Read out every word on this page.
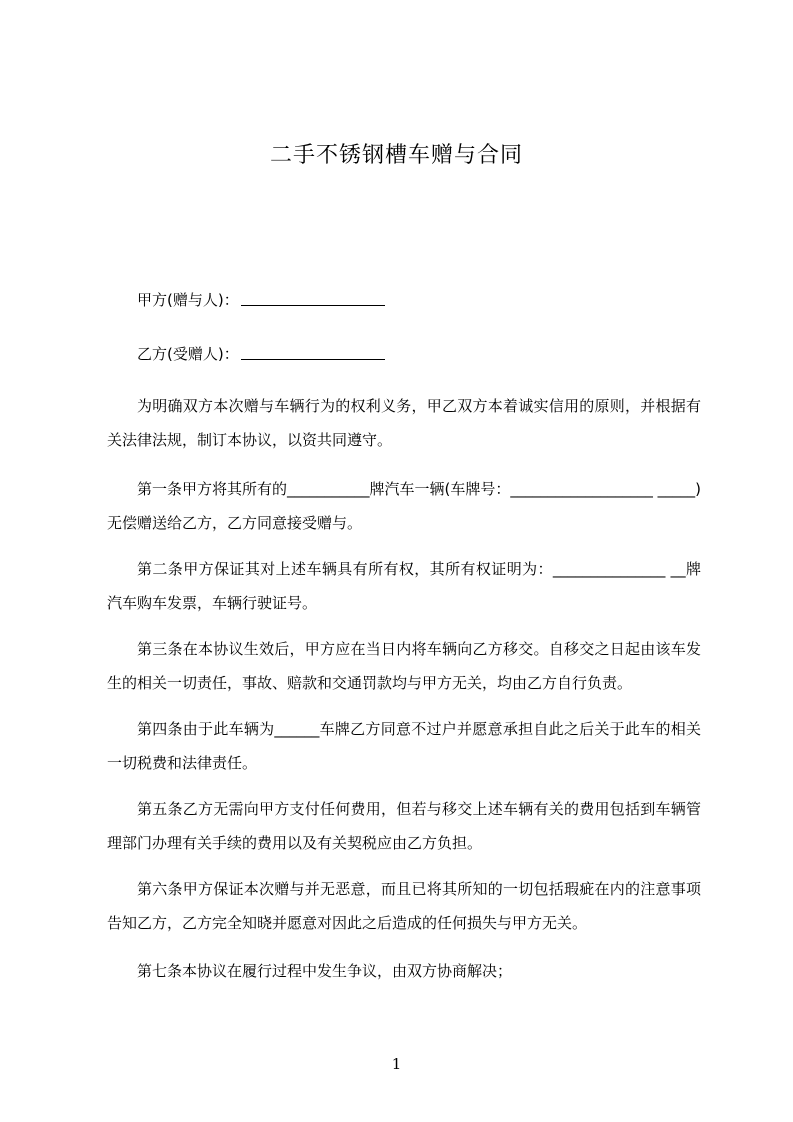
二手不锈钢槽车赠与合同
甲方(赠与人)：
乙方(受赠人)：
为明确双方本次赠与车辆行为的权利义务，甲乙双方本着诚实信用的原则，并根据有关法律法规，制订本协议，以资共同遵守。
第一条甲方将其所有的___________牌汽车一辆(车牌号：___________________ _____)无偿赠送给乙方，乙方同意接受赠与。
第二条甲方保证其对上述车辆具有所有权，其所有权证明为：_______________ __牌汽车购车发票，车辆行驶证号。
第三条在本协议生效后，甲方应在当日内将车辆向乙方移交。自移交之日起由该车发生的相关一切责任，事故、赔款和交通罚款均与甲方无关，均由乙方自行负责。
第四条由于此车辆为______车牌乙方同意不过户并愿意承担自此之后关于此车的相关一切税费和法律责任。
第五条乙方无需向甲方支付任何费用，但若与移交上述车辆有关的费用包括到车辆管理部门办理有关手续的费用以及有关契税应由乙方负担。
第六条甲方保证本次赠与并无恶意，而且已将其所知的一切包括瑕疵在内的注意事项告知乙方，乙方完全知晓并愿意对因此之后造成的任何损失与甲方无关。
第七条本协议在履行过程中发生争议，由双方协商解决；
1
